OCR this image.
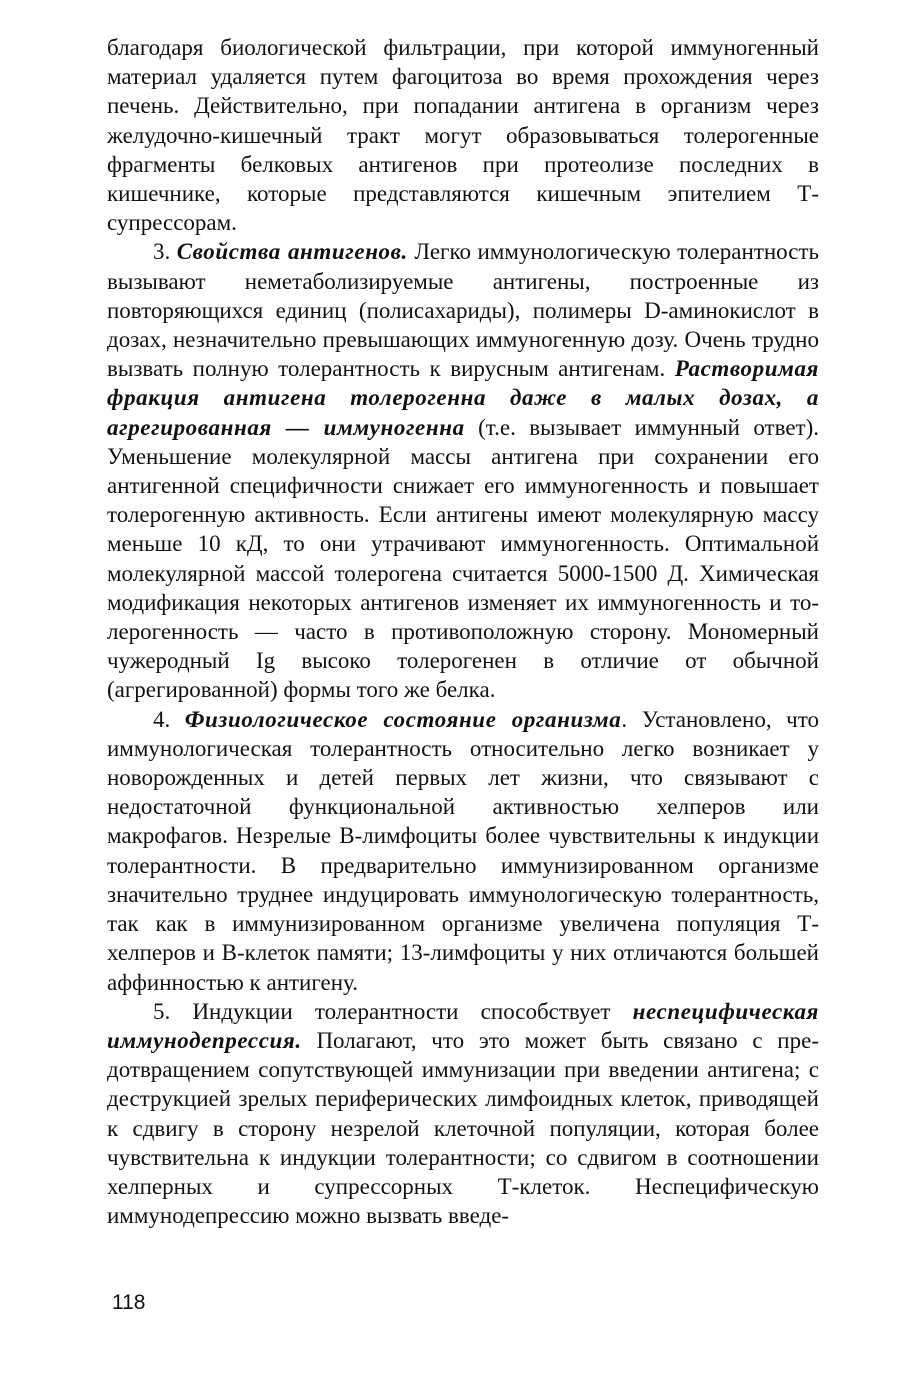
благодаря биологической фильтрации, при которой иммуногенный материал удаляется путем фагоцитоза во время прохождения через печень. Действительно, при попадании антигена в организм через желудочно-кишечный тракт могут образовываться толерогенные фрагменты белковых антигенов при протеолизе последних в кишечнике, которые представляются кишечным эпителием Т-супрессорам.

3. Свойства антигенов. Легко иммунологическую толерантность вызывают неметаболизируемые антигены, построенные из повторяющихся единиц (полисахариды), полимеры D-аминокислот в дозах, незначительно превышающих иммуногенную дозу. Очень трудно вызвать полную толерантность к вирусным антигенам. Растворимая фракция антигена толерогенна даже в малых дозах, а агрегированная — иммуногенна (т.е. вызывает иммунный ответ). Уменьшение молекулярной массы антигена при сохранении его антигенной специфичности снижает его иммуногенность и повышает толерогенную активность. Если антигены имеют молекулярную массу меньше 10 кД, то они утрачивают иммуногенность. Оптимальной молекулярной массой толерогена считается 5000-1500 Д. Химическая модификация некоторых антигенов изменяет их иммуногенность и толерогенность — часто в противоположную сторону. Мономерный чужеродный Ig высоко толерогенен в отличие от обычной (агрегированной) формы того же белка.

4. Физиологическое состояние организма. Установлено, что иммунологическая толерантность относительно легко возникает у новорожденных и детей первых лет жизни, что связывают с недостаточной функциональной активностью хелперов или макрофагов. Незрелые В-лимфоциты более чувствительны к индукции толерантности. В предварительно иммунизированном организме значительно труднее индуцировать иммунологическую толерантность, так как в иммунизированном организме увеличена популяция Т-хелперов и В-клеток памяти; 13-лимфоциты у них отличаются большей аффинностью к антигену.

5. Индукции толерантности способствует неспецифическая иммунодепрессия. Полагают, что это может быть связано с предотвращением сопутствующей иммунизации при введении антигена; с деструкцией зрелых периферических лимфоидных клеток, приводящей к сдвигу в сторону незрелой клеточной популяции, которая более чувствительна к индукции толерантности; со сдвигом в соотношении хелперных и супрессорных Т-клеток. Неспецифическую иммунодепрессию можно вызвать введе-

118
